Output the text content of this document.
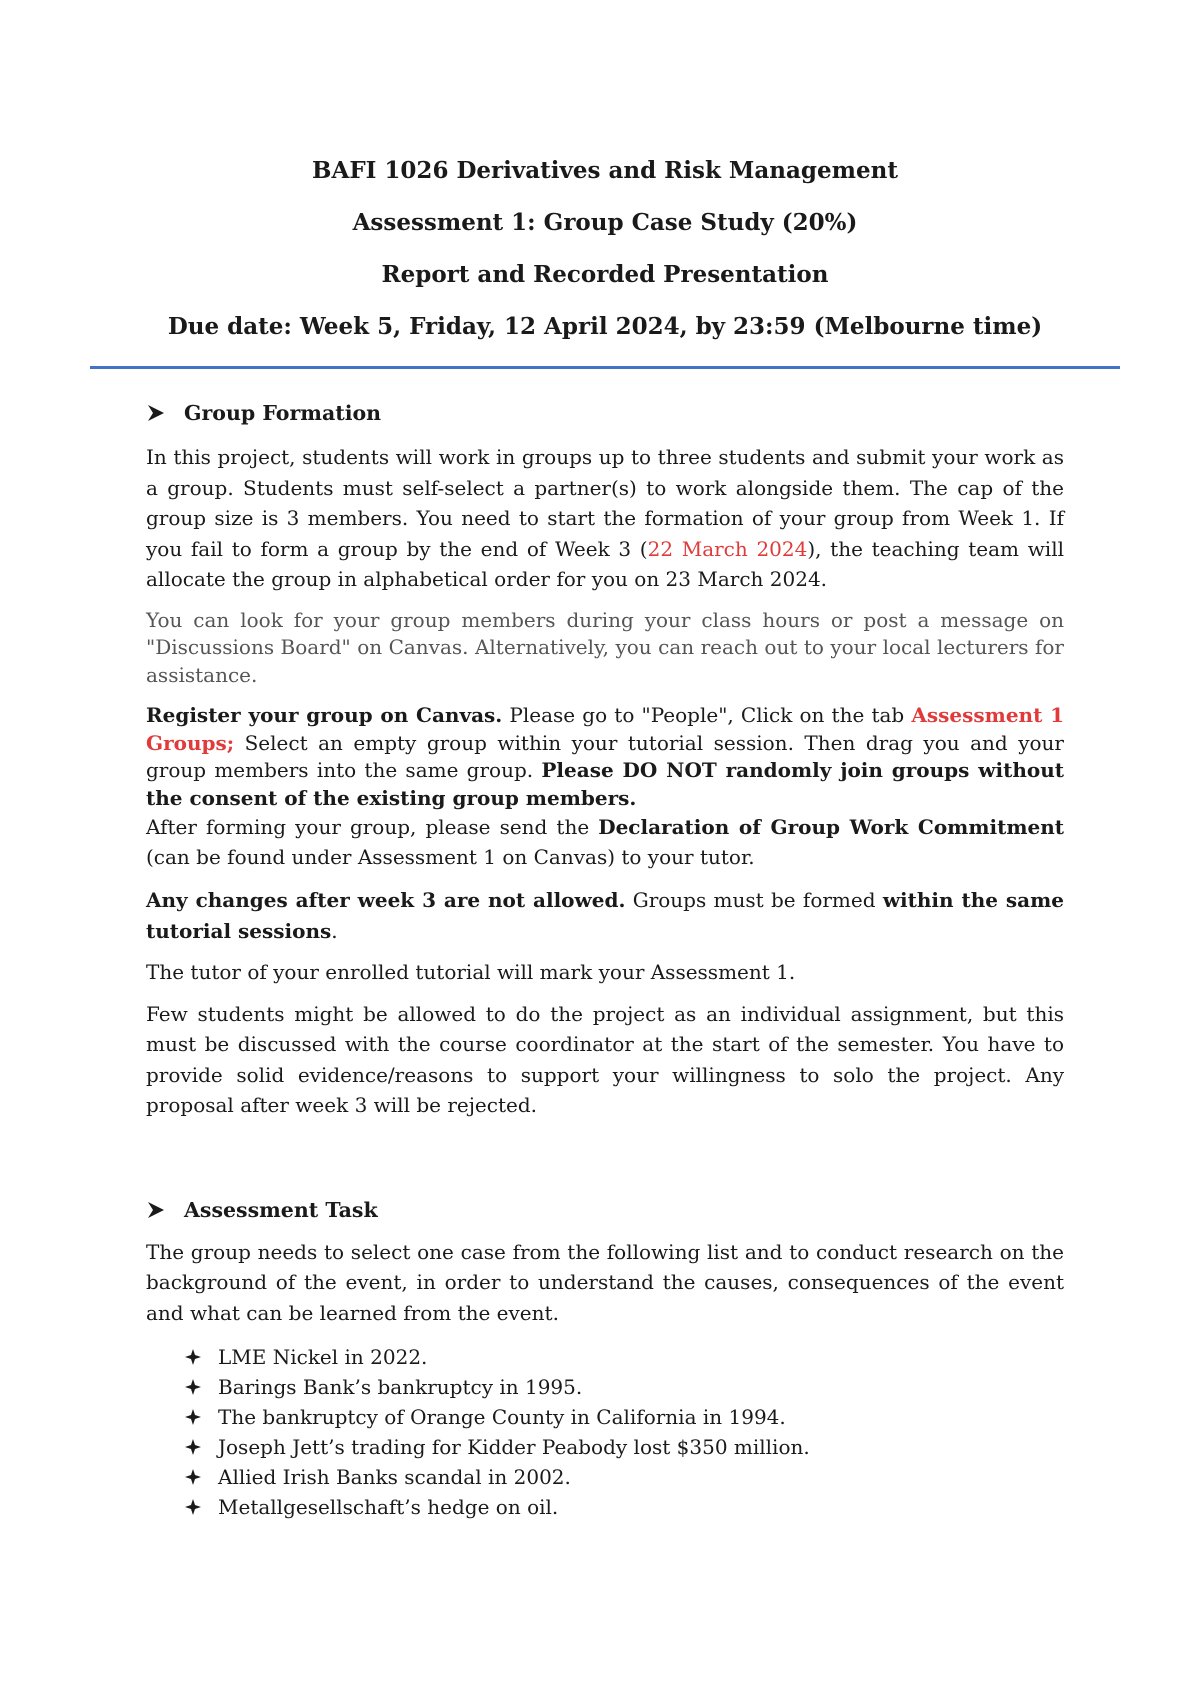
BAFI 1026 Derivatives and Risk Management
Assessment 1: Group Case Study (20%)
Report and Recorded Presentation
Due date: Week 5, Friday, 12 April 2024, by 23:59 (Melbourne time)
Group Formation

In this project, students will work in groups up to three students and submit your work as a group. Students must self-select a partner(s) to work alongside them. The cap of the group size is 3 members. You need to start the formation of your group from Week 1. If you fail to form a group by the end of Week 3 (22 March 2024), the teaching team will allocate the group in alphabetical order for you on 23 March 2024.

You can look for your group members during your class hours or post a message on "Discussions Board" on Canvas. Alternatively, you can reach out to your local lecturers for assistance.

Register your group on Canvas. Please go to "People", Click on the tab Assessment 1 Groups; Select an empty group within your tutorial session. Then drag you and your group members into the same group. Please DO NOT randomly join groups without the consent of the existing group members.

After forming your group, please send the Declaration of Group Work Commitment (can be found under Assessment 1 on Canvas) to your tutor.

Any changes after week 3 are not allowed. Groups must be formed within the same tutorial sessions.

The tutor of your enrolled tutorial will mark your Assessment 1.

Few students might be allowed to do the project as an individual assignment, but this must be discussed with the course coordinator at the start of the semester. You have to provide solid evidence/reasons to support your willingness to solo the project. Any proposal after week 3 will be rejected.

Assessment Task

The group needs to select one case from the following list and to conduct research on the background of the event, in order to understand the causes, consequences of the event and what can be learned from the event.

LME Nickel in 2022.
Barings Bank’s bankruptcy in 1995.
The bankruptcy of Orange County in California in 1994.
Joseph Jett’s trading for Kidder Peabody lost $350 million.
Allied Irish Banks scandal in 2002.
Metallgesellschaft’s hedge on oil.
